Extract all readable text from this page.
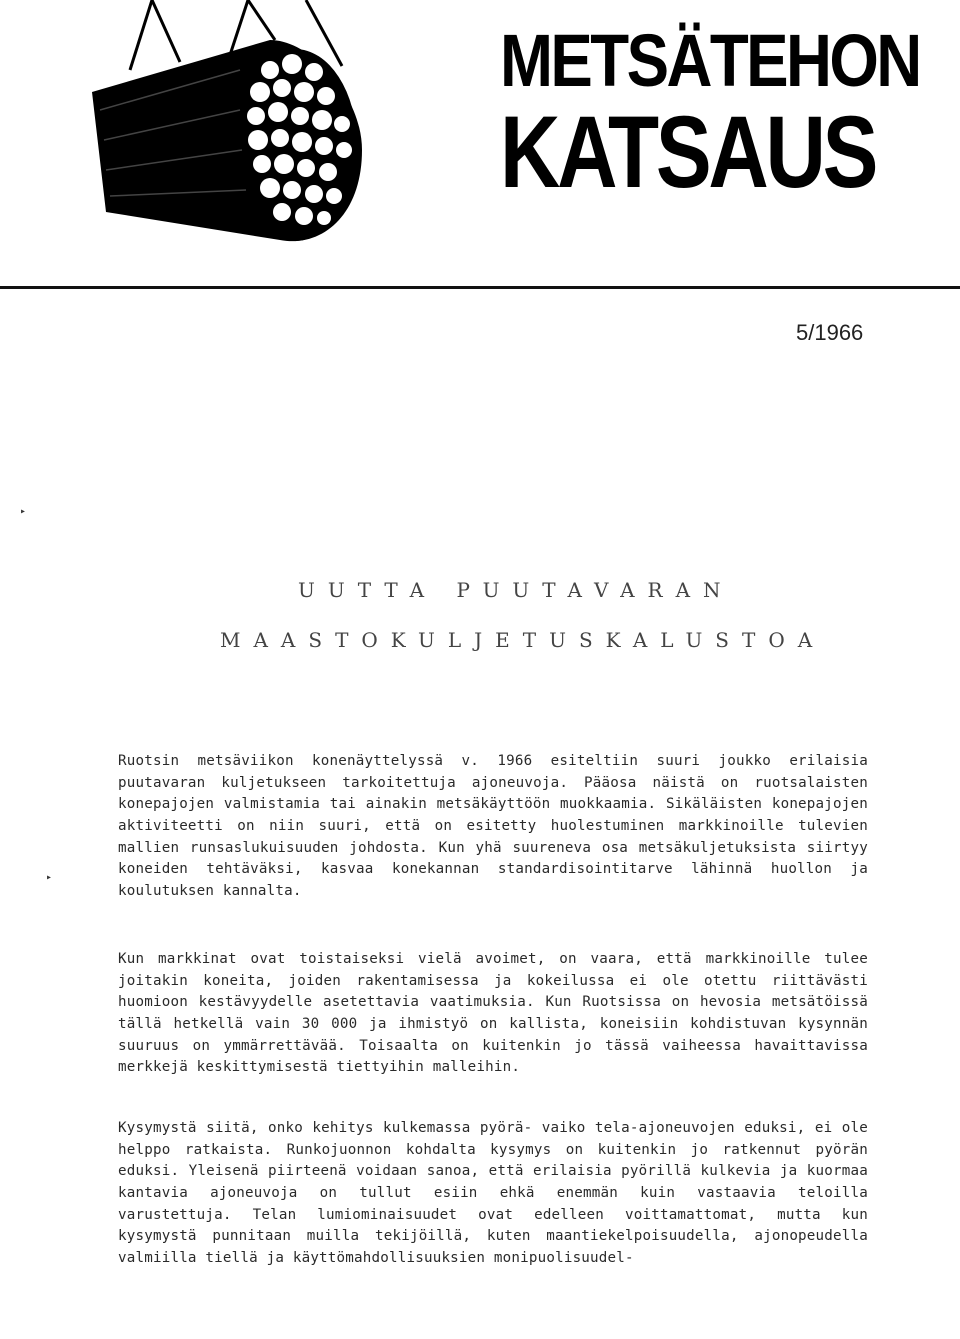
METSÄTEHON
KATSAUS
5/1966
▸
▸
UUTTA PUUTAVARAN
MAASTOKULJETUSKALUSTOA

Ruotsin metsäviikon konenäyttelyssä v. 1966 esiteltiin suuri joukko erilaisia puutavaran kuljetukseen tarkoitettuja ajoneuvoja. Pääosa näistä on ruotsalaisten konepajojen valmistamia tai ainakin metsäkäyttöön muokkaamia. Sikäläisten konepajojen aktiviteetti on niin suuri, että on esitetty huolestuminen markkinoille tulevien mallien runsaslukuisuuden johdosta. Kun yhä suureneva osa metsäkuljetuksista siirtyy koneiden tehtäväksi, kasvaa konekannan standardisointitarve lähinnä huollon ja koulutuksen kannalta.

Kun markkinat ovat toistaiseksi vielä avoimet, on vaara, että markkinoille tulee joitakin koneita, joiden rakentamisessa ja kokeilussa ei ole otettu riittävästi huomioon kestävyydelle asetettavia vaatimuksia. Kun Ruotsissa on hevosia metsätöissä tällä hetkellä vain 30 000 ja ihmistyö on kallista, koneisiin kohdistuvan kysynnän suuruus on ymmärrettävää. Toisaalta on kuitenkin jo tässä vaiheessa havaittavissa merkkejä keskittymisestä tiettyihin malleihin.

Kysymystä siitä, onko kehitys kulkemassa pyörä- vaiko tela-ajoneuvojen eduksi, ei ole helppo ratkaista. Runkojuonnon kohdalta kysymys on kuitenkin jo ratkennut pyörän eduksi. Yleisenä piirteenä voidaan sanoa, että erilaisia pyörillä kulkevia ja kuormaa kantavia ajoneuvoja on tullut esiin ehkä enemmän kuin vastaavia teloilla varustettuja. Telan lumiominaisuudet ovat edelleen voittamattomat, mutta kun kysymystä punnitaan muilla tekijöillä, kuten maantiekelpoisuudella, ajonopeudella valmiilla tiellä ja käyttömahdollisuuksien monipuolisuudel-
